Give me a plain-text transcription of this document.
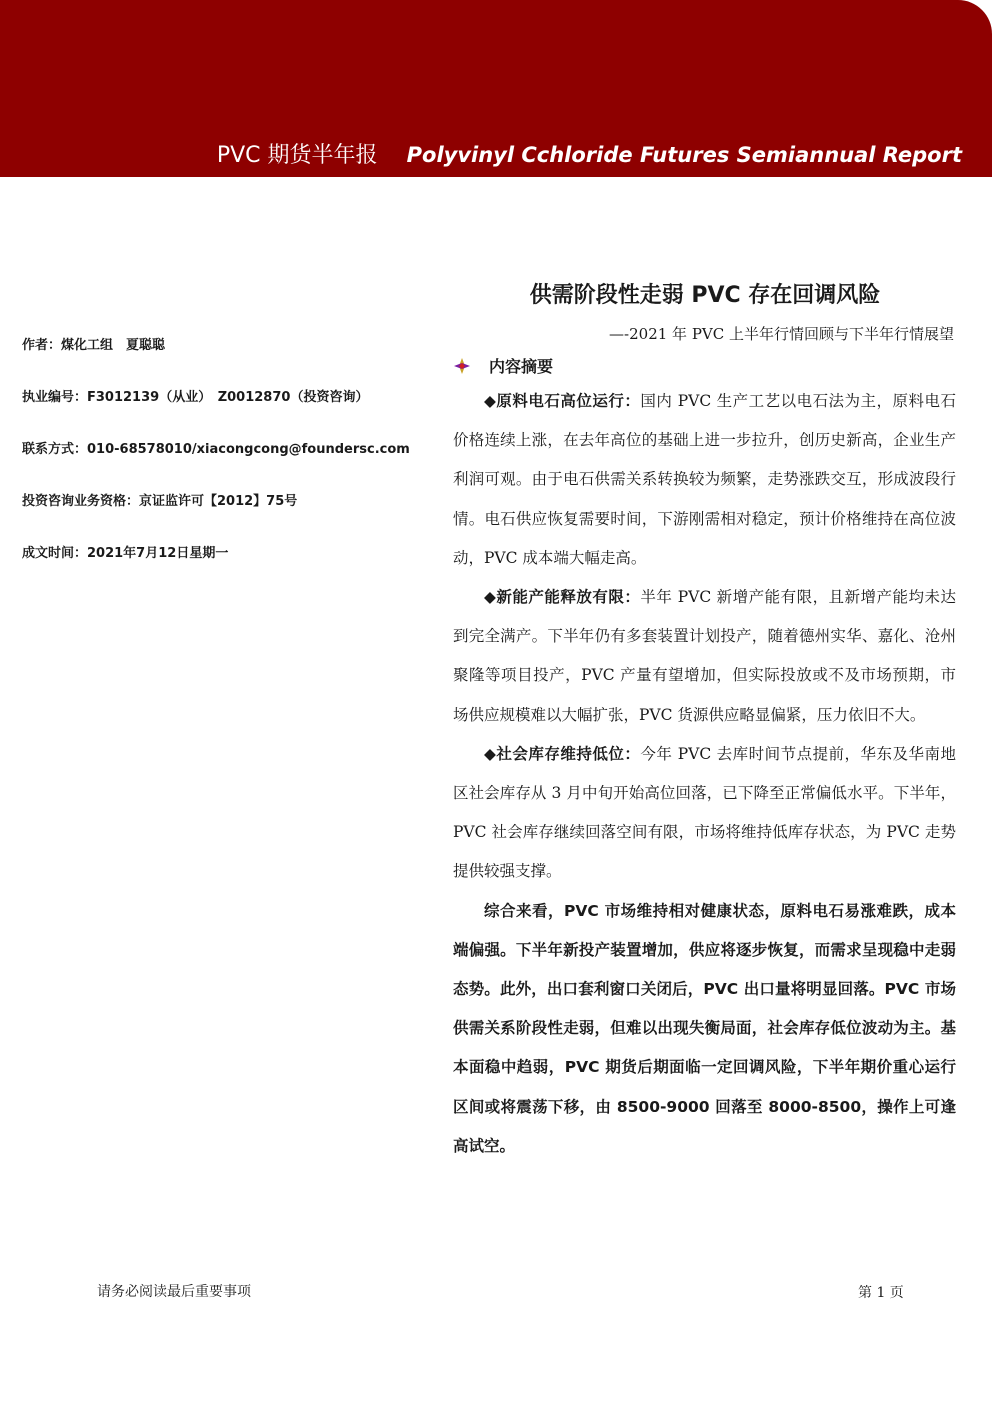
PVC 期货半年报 Polyvinyl Cchloride Futures Semiannual Report
供需阶段性走弱 PVC 存在回调风险
—-2021 年 PVC 上半年行情回顾与下半年行情展望
作者：煤化工组　夏聪聪
执业编号：F3012139（从业）　Z0012870（投资咨询）
联系方式：010-68578010/xiacongcong@foundersc.com
投资咨询业务资格：京证监许可【2012】75号
成文时间：2021年7月12日星期一
内容摘要

◆原料电石高位运行：国内 PVC 生产工艺以电石法为主，原料电石价格连续上涨，在去年高位的基础上进一步拉升，创历史新高，企业生产利润可观。由于电石供需关系转换较为频繁，走势涨跌交互，形成波段行情。电石供应恢复需要时间，下游刚需相对稳定，预计价格维持在高位波动，PVC 成本端大幅走高。

◆新能产能释放有限：半年 PVC 新增产能有限，且新增产能均未达到完全满产。下半年仍有多套装置计划投产，随着德州实华、嘉化、沧州聚隆等项目投产，PVC 产量有望增加，但实际投放或不及市场预期，市场供应规模难以大幅扩张，PVC 货源供应略显偏紧，压力依旧不大。

◆社会库存维持低位：今年 PVC 去库时间节点提前，华东及华南地区社会库存从 3 月中旬开始高位回落，已下降至正常偏低水平。下半年，PVC 社会库存继续回落空间有限，市场将维持低库存状态，为 PVC 走势提供较强支撑。

综合来看，PVC 市场维持相对健康状态，原料电石易涨难跌，成本端偏强。下半年新投产装置增加，供应将逐步恢复，而需求呈现稳中走弱态势。此外，出口套利窗口关闭后，PVC 出口量将明显回落。PVC 市场供需关系阶段性走弱，但难以出现失衡局面，社会库存低位波动为主。基本面稳中趋弱，PVC 期货后期面临一定回调风险，下半年期价重心运行区间或将震荡下移，由 8500-9000 回落至 8000-8500，操作上可逢高试空。

请务必阅读最后重要事项	第 1 页
